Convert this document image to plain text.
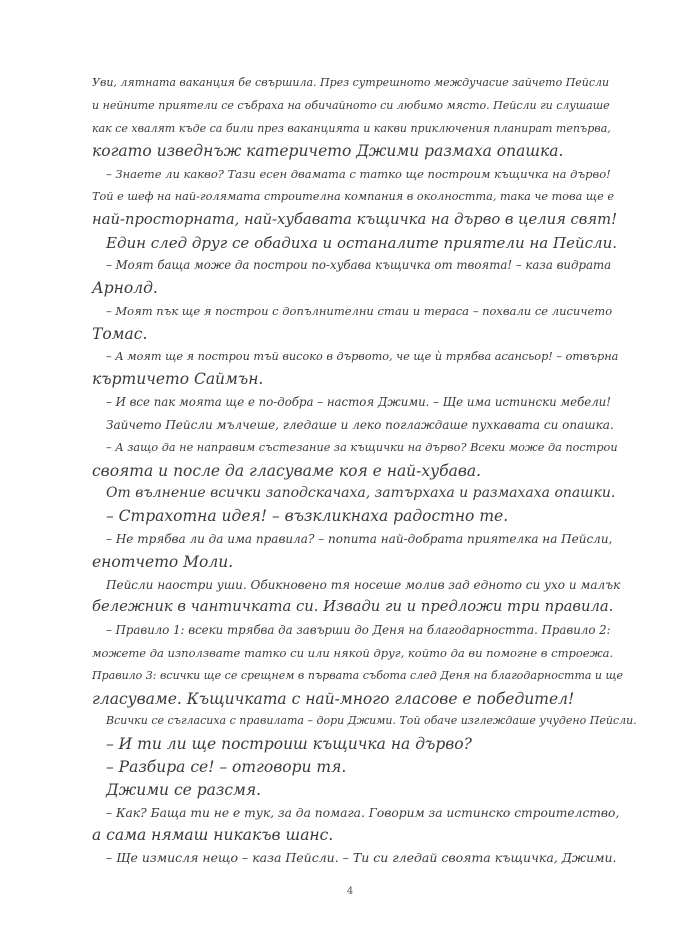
Уви, лятната ваканция бе свършила. През сутрешното междучасие зайчето Пейсли
и нейните приятели се събраха на обичайното си любимо място. Пейсли ги слушаше
как се хвалят къде са били през ваканцията и какви приключения планират тепърва,
когато изведнъж катеричето Джими размаха опашка.
– Знаете ли какво? Тази есен двамата с татко ще построим къщичка на дърво!
Той е шеф на най-голямата строителна компания в околността, така че това ще е
най-просторната, най-хубавата къщичка на дърво в целия свят!
Един след друг се обадиха и останалите приятели на Пейсли.
– Моят баща може да построи по-хубава къщичка от твоята! – каза видрата
Арнолд.
– Моят пък ще я построи с допълнителни стаи и тераса – похвали се лисичето
Томас.
– А моят ще я построи тъй високо в дървото, че ще ѝ трябва асансьор! – отвърна
къртичето Саймън.
– И все пак моята ще е по-добра – настоя Джими. – Ще има истински мебели!
Зайчето Пейсли мълчеше, гледаше и леко поглаждаше пухкавата си опашка.
– А защо да не направим състезание за къщички на дърво? Всеки може да построи
своята и после да гласуваме коя е най-хубава.
От вълнение всички заподскачаха, затърхаха и размахаха опашки.
– Страхотна идея! – възкликнаха радостно те.
– Не трябва ли да има правила? – попита най-добрата приятелка на Пейсли,
енотчето Моли.
Пейсли наостри уши. Обикновено тя носеше молив зад едното си ухо и малък
бележник в чантичката си. Извади ги и предложи три правила.
– Правило 1: всеки трябва да завърши до Деня на благодарността. Правило 2:
можете да използвате татко си или някой друг, който да ви помогне в строежа.
Правило 3: всички ще се срещнем в първата събота след Деня на благодарността и ще
гласуваме. Къщичката с най-много гласове е победител!
Всички се съгласиха с правилата – дори Джими. Той обаче изглеждаше учудено Пейсли.
– И ти ли ще построиш къщичка на дърво?
– Разбира се! – отговори тя.
Джими се разсмя.
– Как? Баща ти не е тук, за да помага. Говорим за истинско строителство,
а сама нямаш никакъв шанс.
– Ще измисля нещо – каза Пейсли. – Ти си гледай своята къщичка, Джими.
4
